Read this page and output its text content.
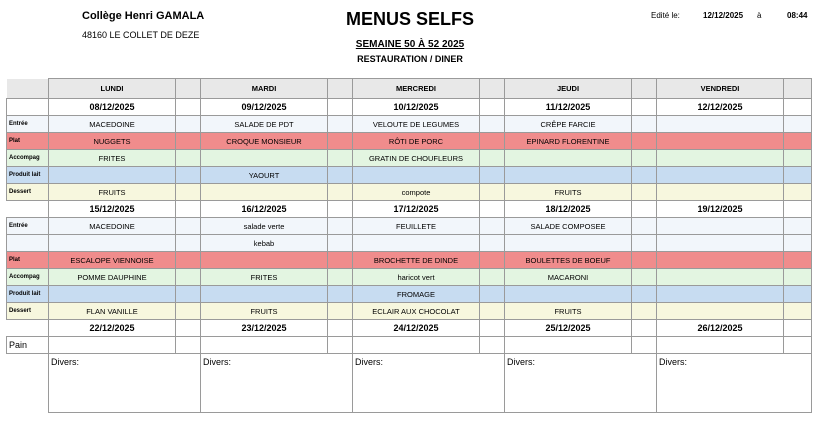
Collège Henri GAMALA
48160 LE COLLET DE DEZE
MENUS SELFS
SEMAINE 50 À 52 2025
RESTAURATION / DINER
Edité le:	12/12/2025 à	08:44
	LUNDI		MARDI		MERCREDI		JEUDI		VENDREDI	
	08/12/2025		09/12/2025		10/12/2025		11/12/2025		12/12/2025	
Entrée	MACEDOINE		SALADE DE PDT		VELOUTE DE LEGUMES		CRÊPE FARCIE			
Plat	NUGGETS		CROQUE MONSIEUR		RÔTI DE PORC		EPINARD FLORENTINE			
Accompag	FRITES				GRATIN DE CHOUFLEURS					
Produit lait			YAOURT							
Dessert	FRUITS				compote		FRUITS			
	15/12/2025		16/12/2025		17/12/2025		18/12/2025		19/12/2025	
Entrée	MACEDOINE		salade verte		FEUILLETE		SALADE COMPOSEE			
			kebab							
Plat	ESCALOPE VIENNOISE				BROCHETTE DE DINDE		BOULETTES DE BOEUF			
Accompag	POMME DAUPHINE		FRITES		haricot vert		MACARONI			
Produit lait					FROMAGE					
Dessert	FLAN VANILLE		FRUITS		ECLAIR AUX CHOCOLAT		FRUITS			
	22/12/2025		23/12/2025		24/12/2025		25/12/2025		26/12/2025	
Pain										
	Divers:		Divers:		Divers:		Divers:		Divers:	
